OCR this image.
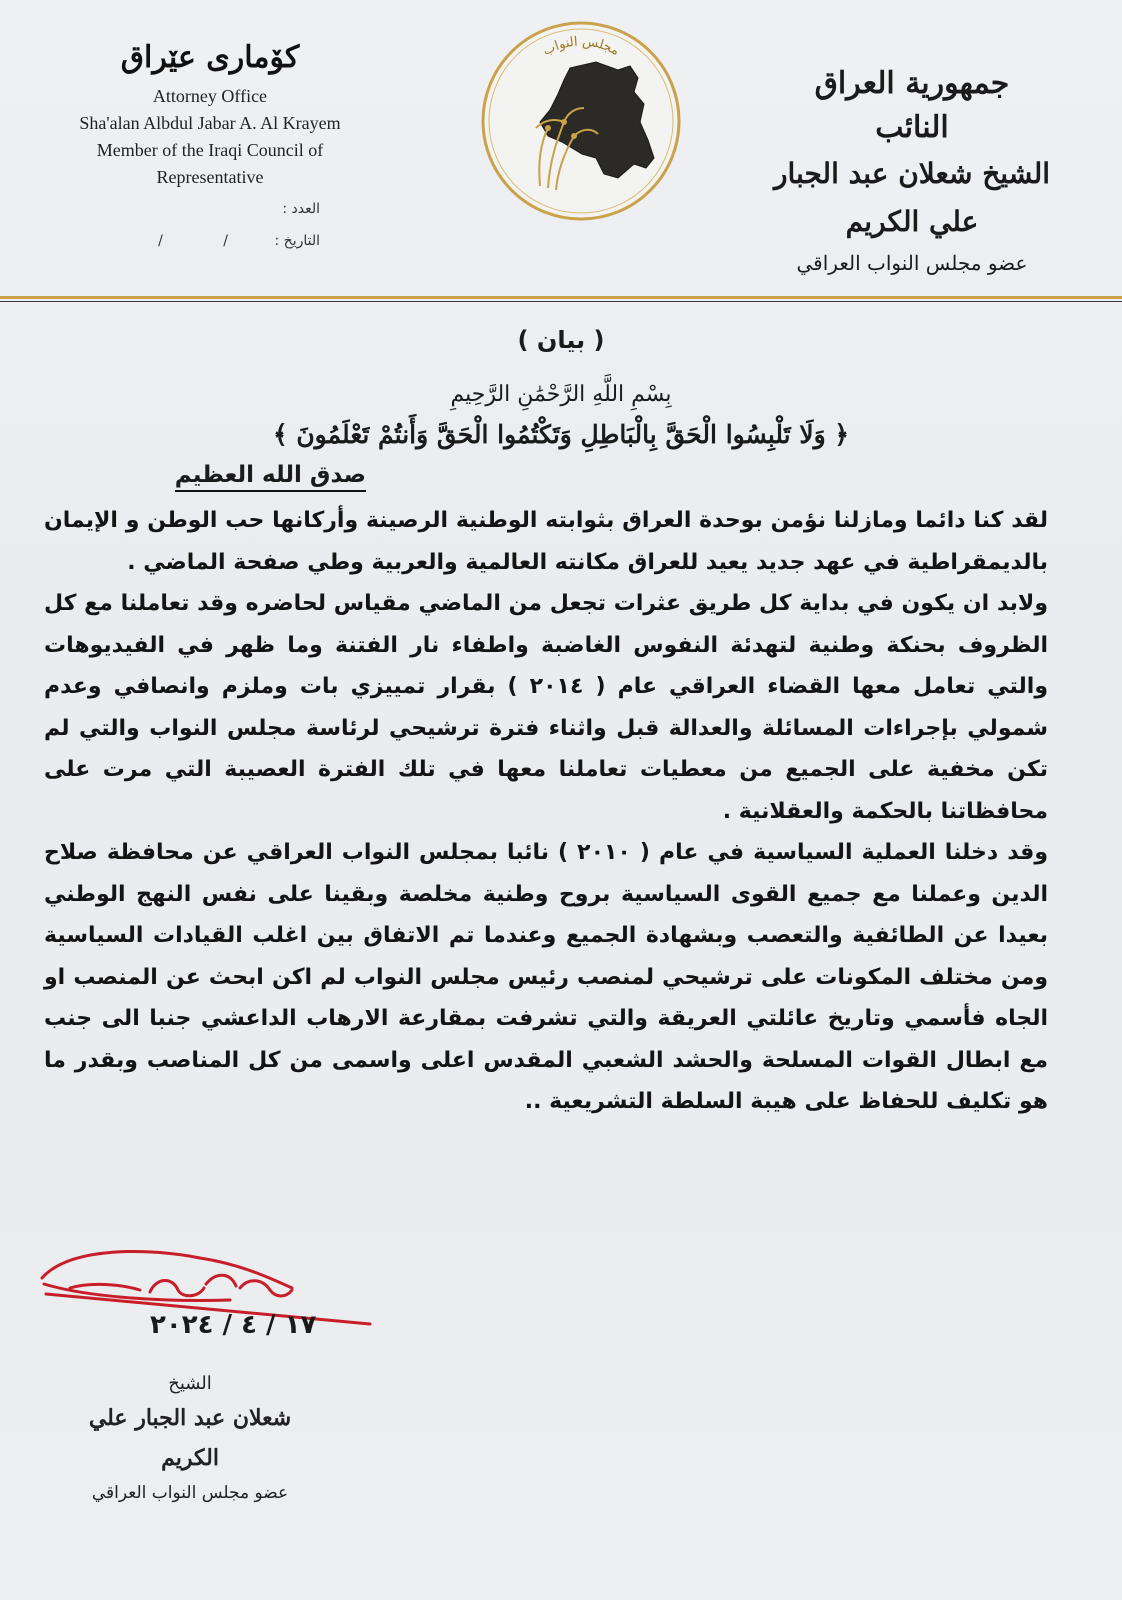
کۆماری عێراق
Attorney Office
Sha'alan Albdul Jabar A. Al Krayem
Member of the Iraqi Council of
Representative
العدد :
التاريخ : / /
مجلس النواب
جمهورية العراق
النائب
الشيخ شعلان عبد الجبار علي الكريم
عضو مجلس النواب العراقي
( بيان )
بِسْمِ اللَّهِ الرَّحْمَٰنِ الرَّحِيمِ
﴿ وَلَا تَلْبِسُوا الْحَقَّ بِالْبَاطِلِ وَتَكْتُمُوا الْحَقَّ وَأَنتُمْ تَعْلَمُونَ ﴾
صدق الله العظيم

لقد كنا دائما ومازلنا نؤمن بوحدة العراق بثوابته الوطنية الرصينة وأركانها حب الوطن و الإيمان بالديمقراطية في عهد جديد يعيد للعراق مكانته العالمية والعربية وطي صفحة الماضي .

ولابد ان يكون في بداية كل طريق عثرات تجعل من الماضي مقياس لحاضره وقد تعاملنا مع كل الظروف بحنكة وطنية لتهدئة النفوس الغاضبة واطفاء نار الفتنة وما ظهر في الفيديوهات والتي تعامل معها القضاء العراقي عام ( ٢٠١٤ ) بقرار تمييزي بات وملزم وانصافي وعدم شمولي بإجراءات المسائلة والعدالة قبل واثناء فترة ترشيحي لرئاسة مجلس النواب والتي لم تكن مخفية على الجميع من معطيات تعاملنا معها في تلك الفترة العصيبة التي مرت على محافظاتنا بالحكمة والعقلانية .

وقد دخلنا العملية السياسية في عام ( ٢٠١٠ ) نائبا بمجلس النواب العراقي عن محافظة صلاح الدين وعملنا مع جميع القوى السياسية بروح وطنية مخلصة وبقينا على نفس النهج الوطني بعيدا عن الطائفية والتعصب وبشهادة الجميع وعندما تم الاتفاق بين اغلب القيادات السياسية ومن مختلف المكونات على ترشيحي لمنصب رئيس مجلس النواب لم اكن ابحث عن المنصب او الجاه فأسمي وتاريخ عائلتي العريقة والتي تشرفت بمقارعة الارهاب الداعشي جنبا الى جنب مع ابطال القوات المسلحة والحشد الشعبي المقدس اعلى واسمى من كل المناصب وبقدر ما هو تكليف للحفاظ على هيبة السلطة التشريعية ..

١٧ / ٤ / ٢٠٢٤
الشيخ
شعلان عبد الجبار علي الكريم
عضو مجلس النواب العراقي
